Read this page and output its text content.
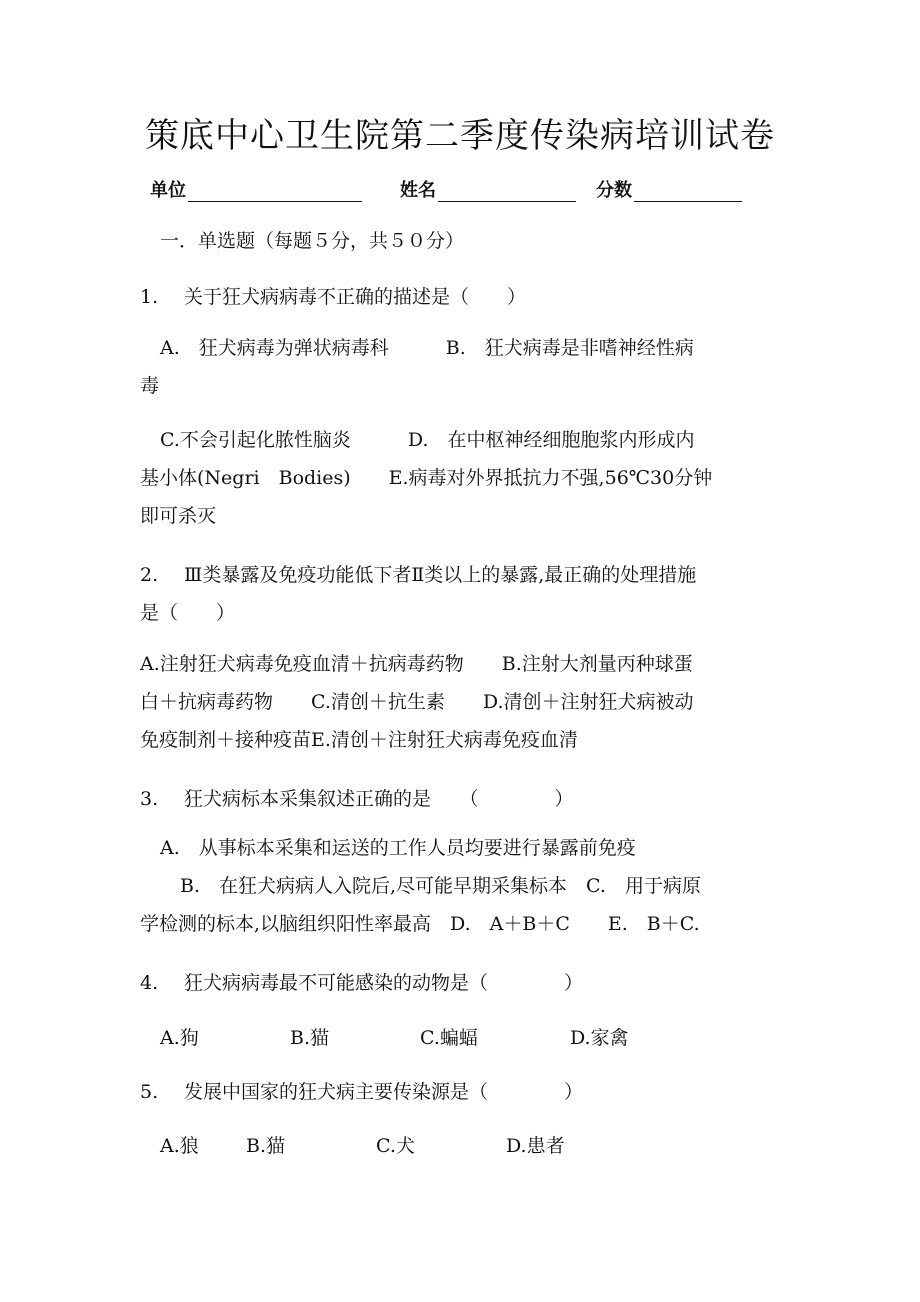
策底中心卫生院第二季度传染病培训试卷
单位	姓名	分数
一．单选题（每题５分，共５０分）
1. 关于狂犬病病毒不正确的描述是（　　）
A.　狂犬病毒为弹状病毒科　　　B.　狂犬病毒是非嗜神经性病
毒
C.不会引起化脓性脑炎　　　D.　在中枢神经细胞胞浆内形成内
基小体(Negri　Bodies)　　E.病毒对外界抵抗力不强,56℃30分钟
即可杀灭
2. Ⅲ类暴露及免疫功能低下者Ⅱ类以上的暴露,最正确的处理措施
是（　　）
A.注射狂犬病毒免疫血清＋抗病毒药物　　B.注射大剂量丙种球蛋
白＋抗病毒药物　　C.清创＋抗生素　　D.清创＋注射狂犬病被动
免疫制剂＋接种疫苗E.清创＋注射狂犬病毒免疫血清
3. 狂犬病标本采集叙述正确的是　　（　　　　）
A.　从事标本采集和运送的工作人员均要进行暴露前免疫
B.　在狂犬病病人入院后,尽可能早期采集标本　C.　用于病原
学检测的标本,以脑组织阳性率最高　D.　A＋B＋C　　E.　B＋C.
4. 狂犬病病毒最不可能感染的动物是（　　　　）
A.狗	B.猫	C.蝙蝠	D.家禽
5. 发展中国家的狂犬病主要传染源是（　　　　）
A.狼 B.猫	C.犬	D.患者
